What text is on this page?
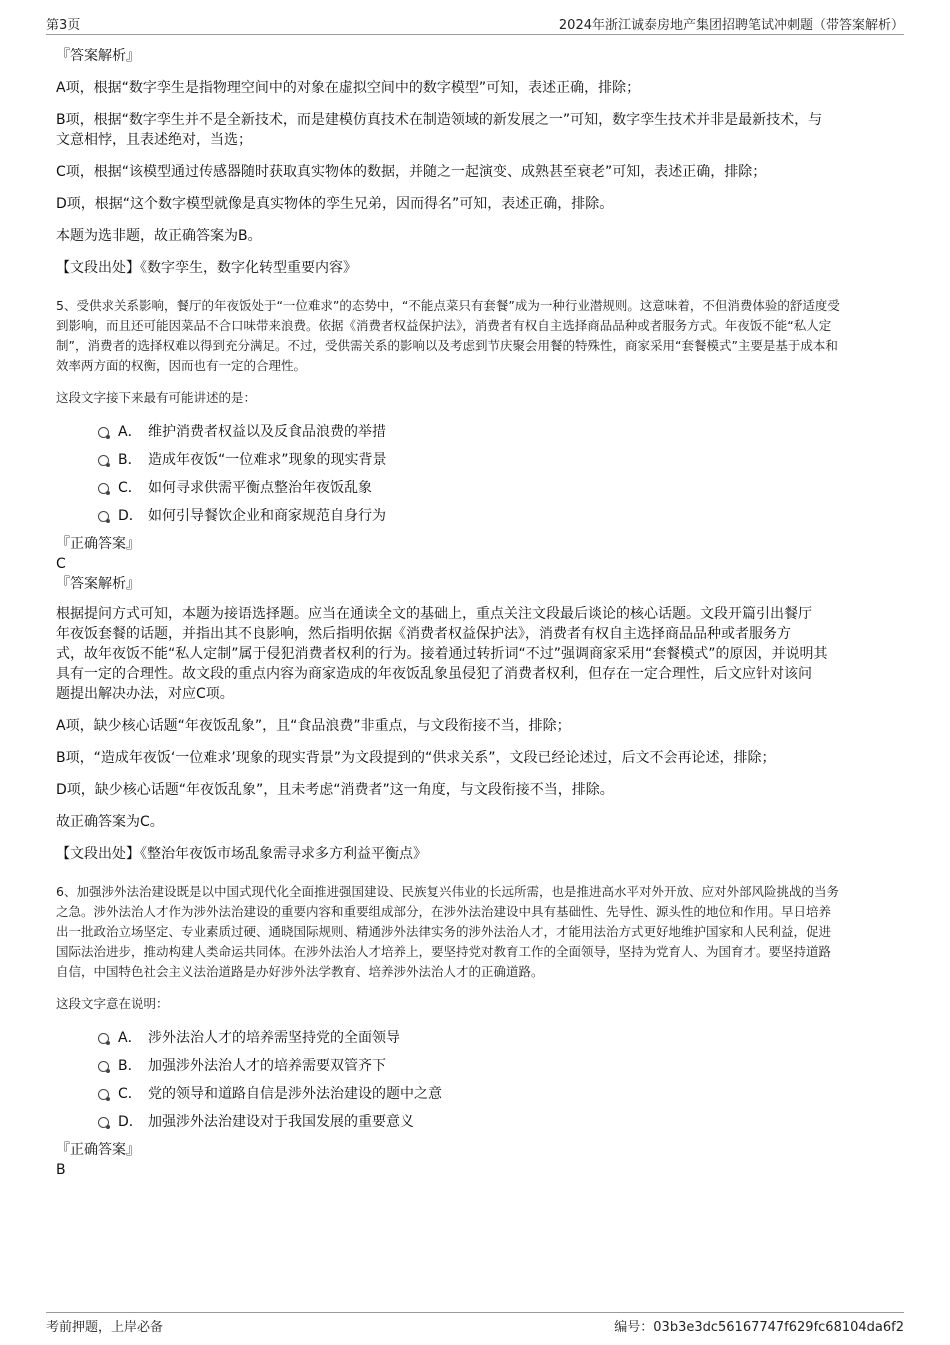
第3页	2024年浙江诚泰房地产集团招聘笔试冲刺题（带答案解析）

『答案解析』

A项，根据“数字孪生是指物理空间中的对象在虚拟空间中的数字模型”可知，表述正确，排除；

B项，根据“数字孪生并不是全新技术，而是建模仿真技术在制造领域的新发展之一”可知，数字孪生技术并非是最新技术，与

文意相悖，且表述绝对，当选；

C项，根据“该模型通过传感器随时获取真实物体的数据，并随之一起演变、成熟甚至衰老”可知，表述正确，排除；

D项，根据“这个数字模型就像是真实物体的孪生兄弟，因而得名”可知，表述正确，排除。

本题为选非题，故正确答案为B。

【文段出处】《数字孪生，数字化转型重要内容》

5、受供求关系影响，餐厅的年夜饭处于“一位难求”的态势中，“不能点菜只有套餐”成为一种行业潜规则。这意味着，不但消费体验的舒适度受

到影响，而且还可能因菜品不合口味带来浪费。依据《消费者权益保护法》，消费者有权自主选择商品品种或者服务方式。年夜饭不能“私人定

制”，消费者的选择权难以得到充分满足。不过，受供需关系的影响以及考虑到节庆聚会用餐的特殊性，商家采用“套餐模式”主要是基于成本和

效率两方面的权衡，因而也有一定的合理性。

这段文字接下来最有可能讲述的是：

A． 维护消费者权益以及反食品浪费的举措
B． 造成年夜饭“一位难求”现象的现实背景
C． 如何寻求供需平衡点整治年夜饭乱象
D． 如何引导餐饮企业和商家规范自身行为

『正确答案』

C

『答案解析』

根据提问方式可知，本题为接语选择题。应当在通读全文的基础上，重点关注文段最后谈论的核心话题。文段开篇引出餐厅

年夜饭套餐的话题，并指出其不良影响，然后指明依据《消费者权益保护法》，消费者有权自主选择商品品种或者服务方

式，故年夜饭不能“私人定制”属于侵犯消费者权利的行为。接着通过转折词“不过”强调商家采用“套餐模式”的原因，并说明其

具有一定的合理性。故文段的重点内容为商家造成的年夜饭乱象虽侵犯了消费者权利，但存在一定合理性，后文应针对该问

题提出解决办法，对应C项。

A项，缺少核心话题“年夜饭乱象”，且“食品浪费”非重点，与文段衔接不当，排除；

B项，“造成年夜饭‘一位难求’现象的现实背景”为文段提到的“供求关系”，文段已经论述过，后文不会再论述，排除；

D项，缺少核心话题“年夜饭乱象”，且未考虑“消费者”这一角度，与文段衔接不当，排除。

故正确答案为C。

【文段出处】《整治年夜饭市场乱象需寻求多方利益平衡点》

6、加强涉外法治建设既是以中国式现代化全面推进强国建设、民族复兴伟业的长远所需，也是推进高水平对外开放、应对外部风险挑战的当务

之急。涉外法治人才作为涉外法治建设的重要内容和重要组成部分，在涉外法治建设中具有基础性、先导性、源头性的地位和作用。早日培养

出一批政治立场坚定、专业素质过硬、通晓国际规则、精通涉外法律实务的涉外法治人才，才能用法治方式更好地维护国家和人民利益，促进

国际法治进步，推动构建人类命运共同体。在涉外法治人才培养上，要坚持党对教育工作的全面领导，坚持为党育人、为国育才。要坚持道路

自信，中国特色社会主义法治道路是办好涉外法学教育、培养涉外法治人才的正确道路。

这段文字意在说明：

A． 涉外法治人才的培养需坚持党的全面领导
B． 加强涉外法治人才的培养需要双管齐下
C． 党的领导和道路自信是涉外法治建设的题中之意
D． 加强涉外法治建设对于我国发展的重要意义

『正确答案』

B

考前押题，上岸必备	编号：03b3e3dc56167747f629fc68104da6f2
